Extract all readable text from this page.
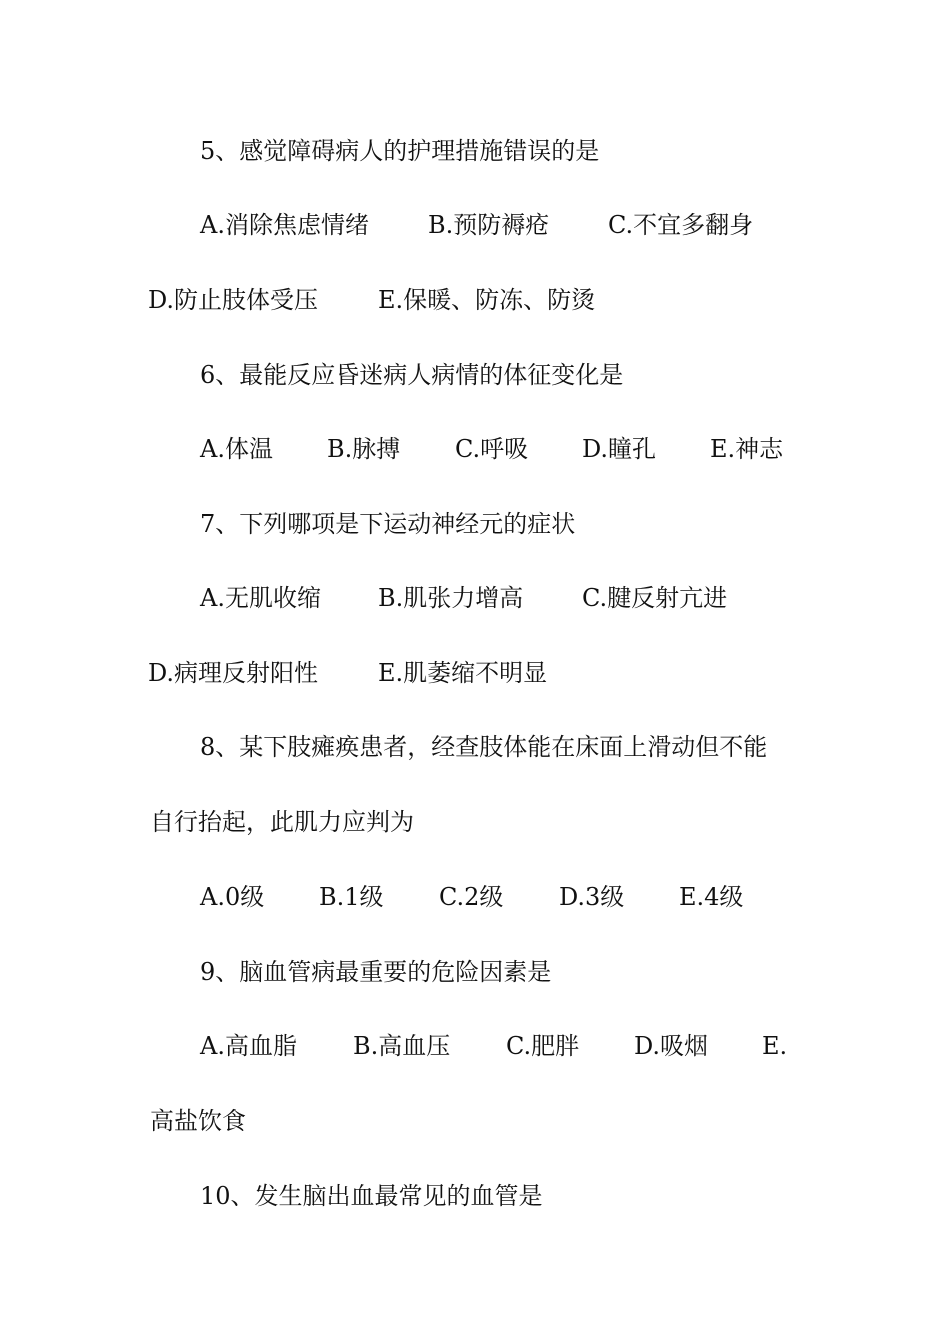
5、感觉障碍病人的护理措施错误的是

A.消除焦虑情绪

B.预防褥疮

C.不宜多翻身

D.防止肢体受压

E.保暖、防冻、防烫

6、最能反应昏迷病人病情的体征变化是

A.体温

B.脉搏

C.呼吸

D.瞳孔

E.神志

7、下列哪项是下运动神经元的症状

A.无肌收缩

B.肌张力增高

C.腱反射亢进

D.病理反射阳性

E.肌萎缩不明显

8、某下肢瘫痪患者，经查肢体能在床面上滑动但不能

自行抬起，此肌力应判为

A.0级

B.1级

C.2级

D.3级

E.4级

9、脑血管病最重要的危险因素是

A.高血脂

B.高血压

C.肥胖

D.吸烟

E.

高盐饮食

10、发生脑出血最常见的血管是
